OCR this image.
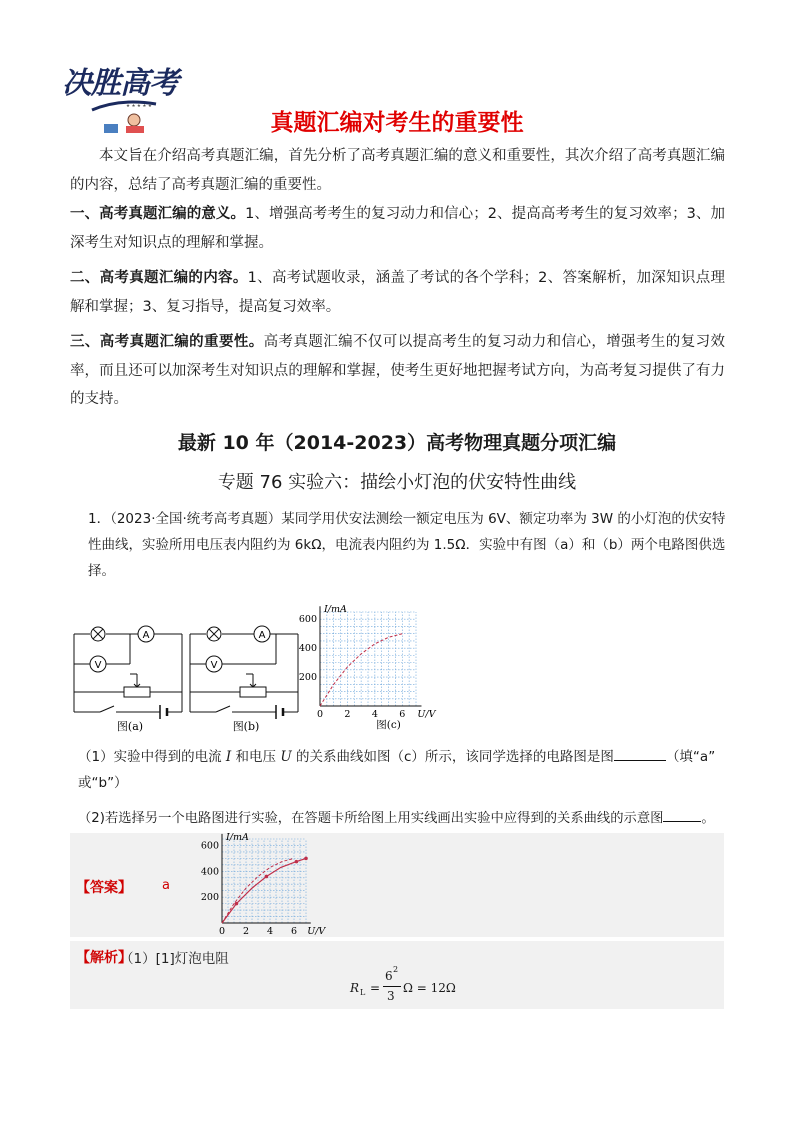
决胜高考
★ ★ ★ ★ ★
真题汇编对考生的重要性
本文旨在介绍高考真题汇编，首先分析了高考真题汇编的意义和重要性，其次介绍了高考真题汇编的内容，总结了高考真题汇编的重要性。
一、高考真题汇编的意义。1、增强高考考生的复习动力和信心；2、提高高考考生的复习效率；3、加深考生对知识点的理解和掌握。
二、高考真题汇编的内容。1、高考试题收录，涵盖了考试的各个学科；2、答案解析，加深知识点理解和掌握；3、复习指导，提高复习效率。
三、高考真题汇编的重要性。高考真题汇编不仅可以提高考生的复习动力和信心，增强考生的复习效率，而且还可以加深考生对知识点的理解和掌握，使考生更好地把握考试方向，为高考复习提供了有力的支持。
最新 10 年（2014-2023）高考物理真题分项汇编
专题 76 实验六：描绘小灯泡的伏安特性曲线
1．（2023·全国·统考高考真题）某同学用伏安法测绘一额定电压为 6V、额定功率为 3W 的小灯泡的伏安特性曲线，实验所用电压表内阻约为 6kΩ，电流表内阻约为 1.5Ω．实验中有图（a）和（b）两个电路图供选择。
A
V
图(a)
A
V
图(b)
600
400
200
0 2 4 6
I/mA
U/V
图(c)
（1）实验中得到的电流 I 和电压 U 的关系曲线如图（c）所示，该同学选择的电路图是图	（填“a”
或“b”）
（2)若选择另一个电路图进行实验，在答题卡所给图上用实线画出实验中应得到的关系曲线的示意图	。
【答案】 a
600
400
200
0 2 4 6
I/mA
U/V
【解析】
（1）[1]灯泡电阻
R L =
6 2
3
Ω = 12Ω
